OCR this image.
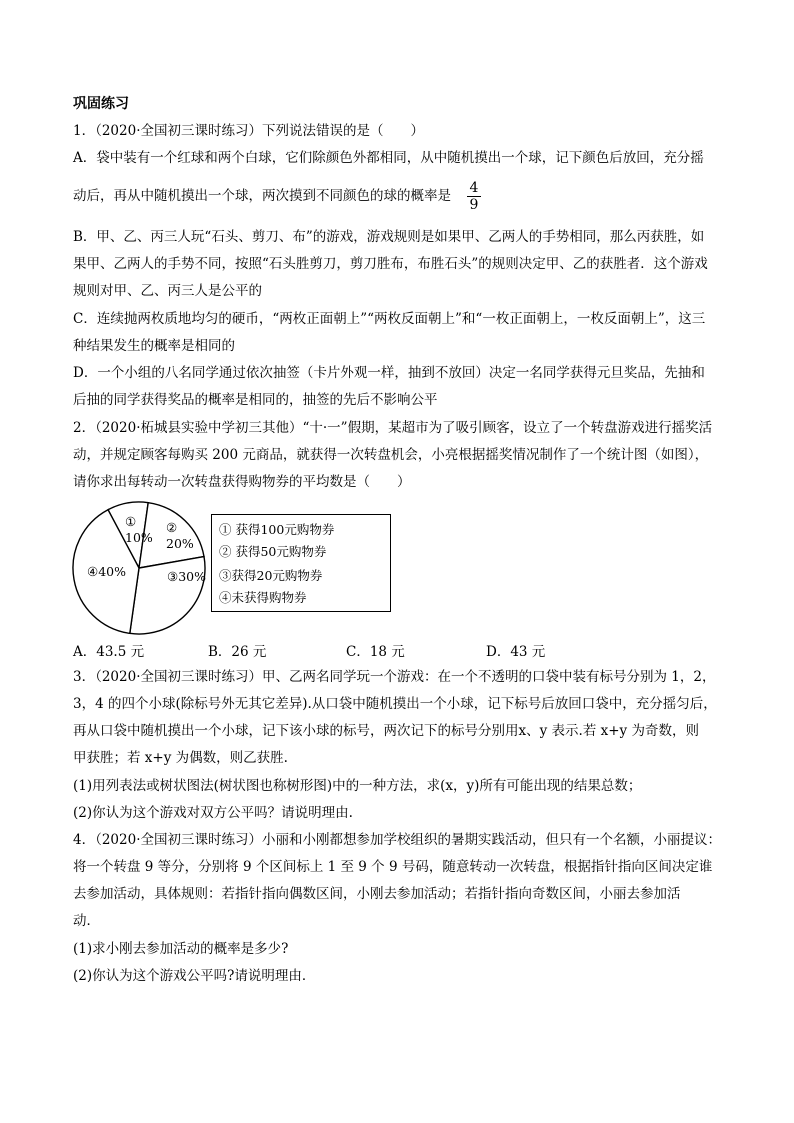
巩固练习
1．（2020·全国初三课时练习）下列说法错误的是（　　）
A．袋中装有一个红球和两个白球，它们除颜色外都相同，从中随机摸出一个球，记下颜色后放回，充分摇
动后，再从中随机摸出一个球，两次摸到不同颜色的球的概率是 $\frac{4}{9}$
B．甲、乙、丙三人玩“石头、剪刀、布”的游戏，游戏规则是如果甲、乙两人的手势相同，那么丙获胜，如
果甲、乙两人的手势不同，按照“石头胜剪刀，剪刀胜布，布胜石头”的规则决定甲、乙的获胜者．这个游戏
规则对甲、乙、丙三人是公平的
C．连续抛两枚质地均匀的硬币，“两枚正面朝上”“两枚反面朝上”和“一枚正面朝上，一枚反面朝上”，这三
种结果发生的概率是相同的
D．一个小组的八名同学通过依次抽签（卡片外观一样，抽到不放回）决定一名同学获得元旦奖品，先抽和
后抽的同学获得奖品的概率是相同的，抽签的先后不影响公平
2．（2020·柘城县实验中学初三其他）“十·一”假期，某超市为了吸引顾客，设立了一个转盘游戏进行摇奖活
动，并规定顾客每购买 200 元商品，就获得一次转盘机会，小亮根据摇奖情况制作了一个统计图（如图），
请你求出每转动一次转盘获得购物券的平均数是（　　）
①
10%
②
20%
③30%
④40%
① 获得100元购物券
② 获得50元购物券
③获得20元购物券
④未获得购物券
A．43.5 元	B．26 元	C．18 元	D．43 元
3．（2020·全国初三课时练习）甲、乙两名同学玩一个游戏：在一个不透明的口袋中装有标号分别为 1，2，
3，4 的四个小球(除标号外无其它差异).从口袋中随机摸出一个小球，记下标号后放回口袋中，充分摇匀后，
再从口袋中随机摸出一个小球，记下该小球的标号，两次记下的标号分别用x、y 表示.若 x+y 为奇数，则
甲获胜；若 x+y 为偶数，则乙获胜.
(1)用列表法或树状图法(树状图也称树形图)中的一种方法，求(x，y)所有可能出现的结果总数；
(2)你认为这个游戏对双方公平吗？请说明理由.
4．（2020·全国初三课时练习）小丽和小刚都想参加学校组织的暑期实践活动，但只有一个名额，小丽提议：
将一个转盘 9 等分，分别将 9 个区间标上 1 至 9 个 9 号码，随意转动一次转盘，根据指针指向区间决定谁
去参加活动，具体规则：若指针指向偶数区间，小刚去参加活动；若指针指向奇数区间，小丽去参加活
动．
(1)求小刚去参加活动的概率是多少?
(2)你认为这个游戏公平吗?请说明理由．
